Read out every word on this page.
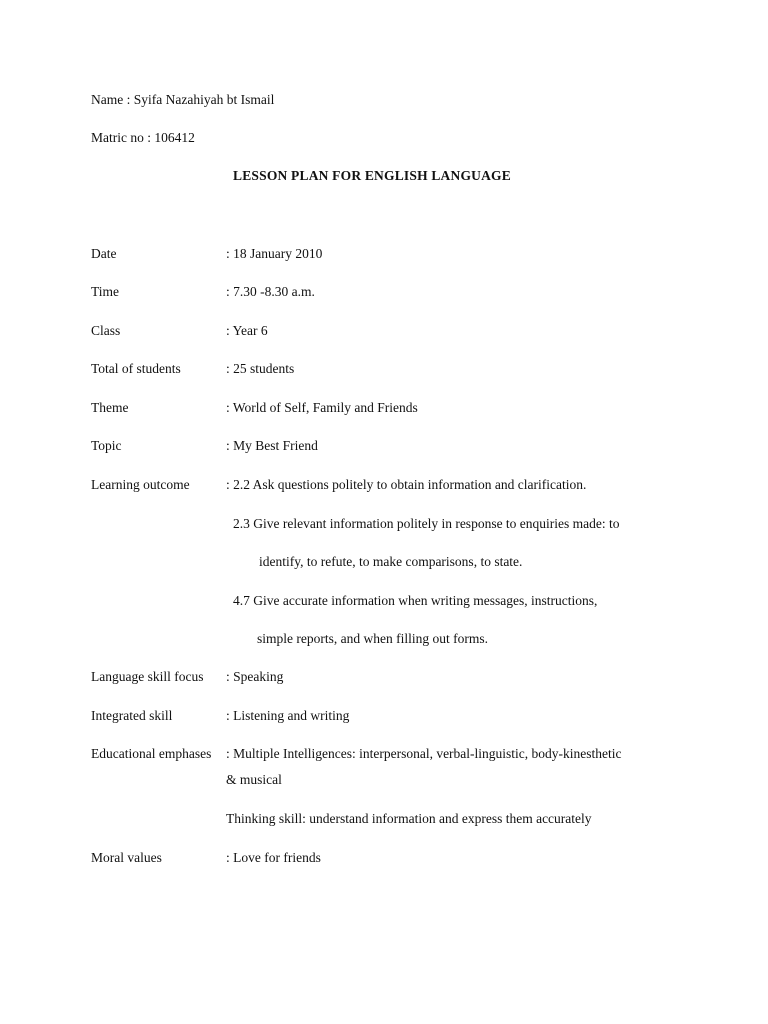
Name : Syifa Nazahiyah bt Ismail
Matric no : 106412
LESSON PLAN FOR ENGLISH LANGUAGE
Date	: 18 January 2010
Time	: 7.30 -8.30 a.m.
Class	: Year 6
Total of students	: 25 students
Theme	: World of Self, Family and Friends
Topic	: My Best Friend
Learning outcome	: 2.2 Ask questions politely to obtain information and clarification.
2.3 Give relevant information politely in response to enquiries made: to
identify, to refute, to make comparisons, to state.
4.7 Give accurate information when writing messages, instructions,
simple reports, and when filling out forms.
Language skill focus : Speaking
Integrated skill	: Listening and writing
Educational emphases : Multiple Intelligences: interpersonal, verbal-linguistic, body-kinesthetic
& musical
Thinking skill: understand information and express them accurately
Moral values	: Love for friends
